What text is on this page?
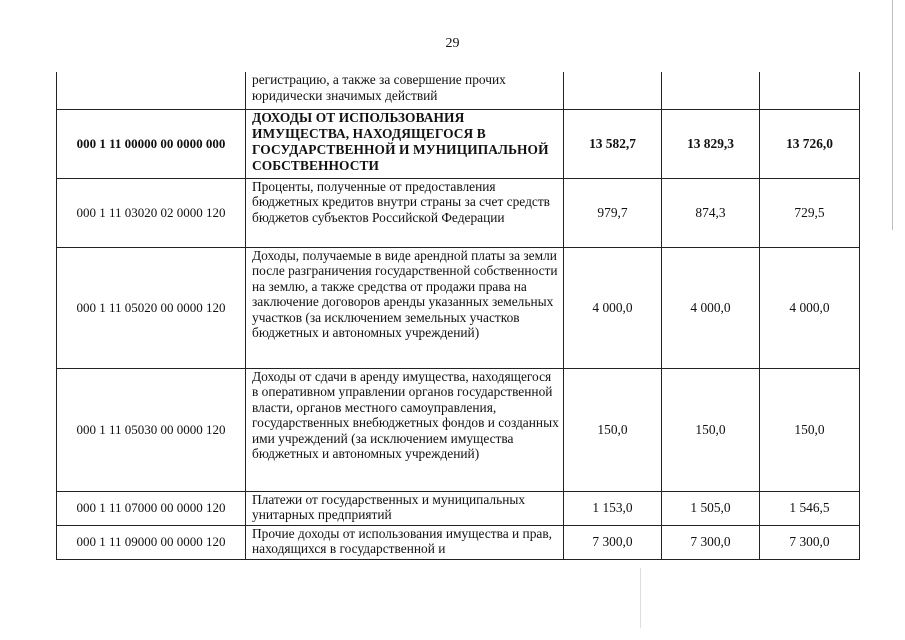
29
	регистрацию, а также за совершение прочих юридически значимых действий			
000 1 11 00000 00 0000 000	ДОХОДЫ ОТ ИСПОЛЬЗОВАНИЯ ИМУЩЕСТВА, НАХОДЯЩЕГОСЯ В ГОСУДАРСТВЕННОЙ И МУНИЦИПАЛЬНОЙ СОБСТВЕННОСТИ	13 582,7	13 829,3	13 726,0
000 1 11 03020 02 0000 120	Проценты, полученные от предоставления бюджетных кредитов внутри страны за счет средств бюджетов субъектов Российской Федерации	979,7	874,3	729,5
000 1 11 05020 00 0000 120	Доходы, получаемые в виде арендной платы за земли после разграничения государственной собственности на землю, а также средства от продажи права на заключение договоров аренды указанных земельных участков (за исключением земельных участков бюджетных и автономных учреждений)	4 000,0	4 000,0	4 000,0
000 1 11 05030 00 0000 120	Доходы от сдачи в аренду имущества, находящегося в оперативном управлении органов государственной власти, органов местного самоуправления, государственных внебюджетных фондов и созданных ими учреждений (за исключением имущества бюджетных и автономных учреждений)	150,0	150,0	150,0
000 1 11 07000 00 0000 120	Платежи от государственных и муниципальных унитарных предприятий	1 153,0	1 505,0	1 546,5
000 1 11 09000 00 0000 120	Прочие доходы от использования имущества и прав, находящихся в государственной и	7 300,0	7 300,0	7 300,0
